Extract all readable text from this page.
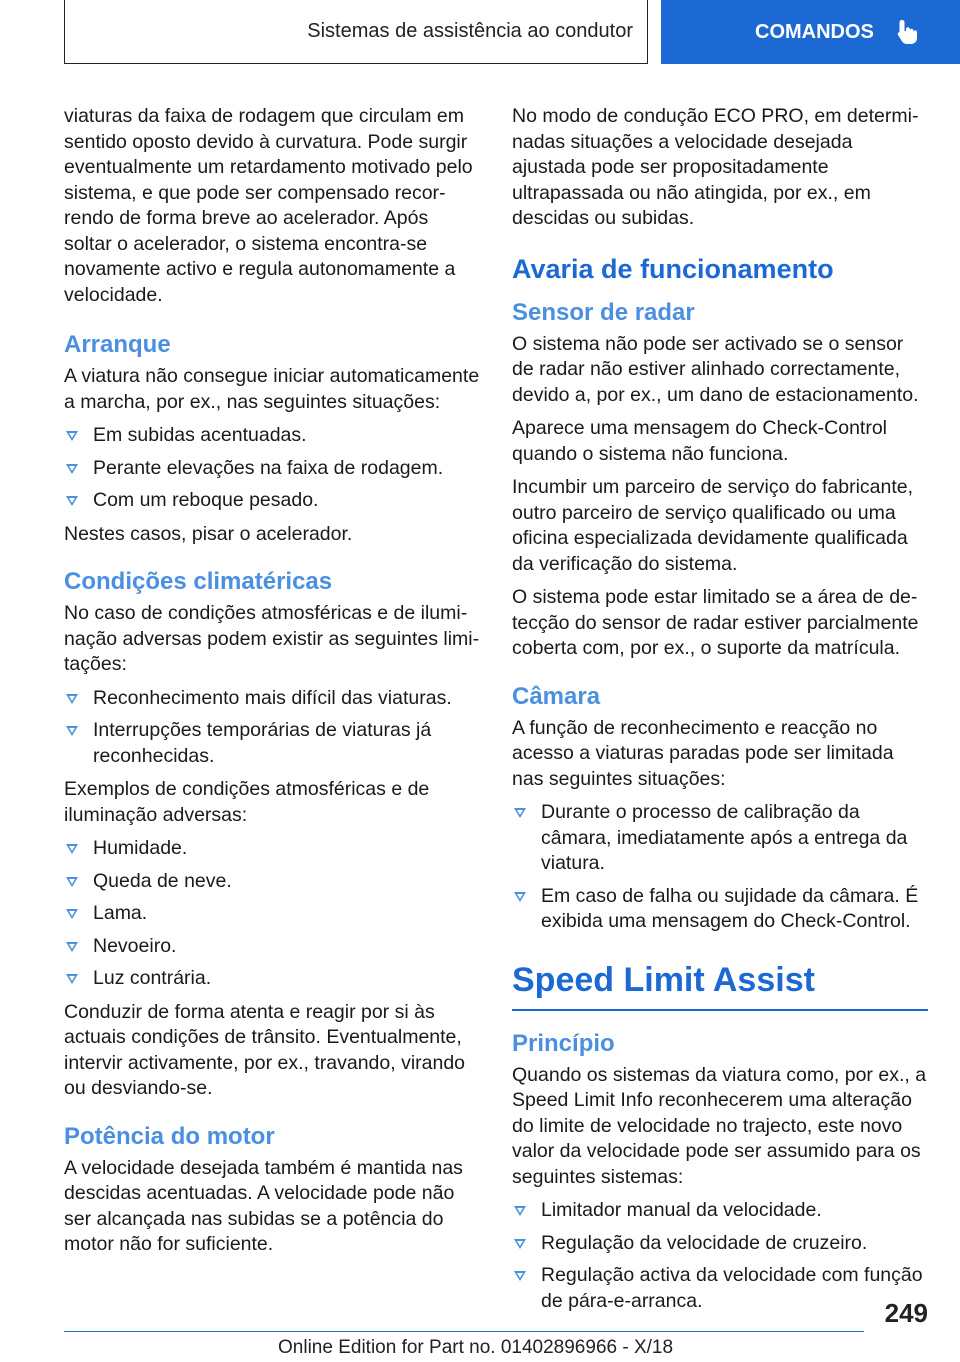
Sistemas de assistência ao condutor	COMANDOS

viaturas da faixa de rodagem que circulam em sentido oposto devido à curvatura. Pode surgir eventualmente um retardamento motivado pelo sistema, e que pode ser compensado recorrendo de forma breve ao acelerador. Após soltar o acelerador, o sistema encontra-se novamente activo e regula autonomamente a velocidade.

Arranque

A viatura não consegue iniciar automaticamente a marcha, por ex., nas seguintes situações:

Em subidas acentuadas.
Perante elevações na faixa de rodagem.
Com um reboque pesado.

Nestes casos, pisar o acelerador.

Condições climatéricas

No caso de condições atmosféricas e de iluminação adversas podem existir as seguintes limitações:

Reconhecimento mais difícil das viaturas.
Interrupções temporárias de viaturas já reconhecidas.

Exemplos de condições atmosféricas e de iluminação adversas:

Humidade.
Queda de neve.
Lama.
Nevoeiro.
Luz contrária.

Conduzir de forma atenta e reagir por si às actuais condições de trânsito. Eventualmente, intervir activamente, por ex., travando, virando ou desviando-se.

Potência do motor

A velocidade desejada também é mantida nas descidas acentuadas. A velocidade pode não ser alcançada nas subidas se a potência do motor não for suficiente.

No modo de condução ECO PRO, em determinadas situações a velocidade desejada ajustada pode ser propositadamente ultrapassada ou não atingida, por ex., em descidas ou subidas.

Avaria de funcionamento
Sensor de radar

O sistema não pode ser activado se o sensor de radar não estiver alinhado correctamente, devido a, por ex., um dano de estacionamento.

Aparece uma mensagem do Check-Control quando o sistema não funciona.

Incumbir um parceiro de serviço do fabricante, outro parceiro de serviço qualificado ou uma oficina especializada devidamente qualificada da verificação do sistema.

O sistema pode estar limitado se a área de detecção do sensor de radar estiver parcialmente coberta com, por ex., o suporte da matrícula.

Câmara

A função de reconhecimento e reacção no acesso a viaturas paradas pode ser limitada nas seguintes situações:

Durante o processo de calibração da câmara, imediatamente após a entrega da viatura.
Em caso de falha ou sujidade da câmara. É exibida uma mensagem do Check-Control.
Speed Limit Assist
Princípio

Quando os sistemas da viatura como, por ex., a Speed Limit Info reconhecerem uma alteração do limite de velocidade no trajecto, este novo valor da velocidade pode ser assumido para os seguintes sistemas:

Limitador manual da velocidade.
Regulação da velocidade de cruzeiro.
Regulação activa da velocidade com função de pára-e-arranca.	249
Online Edition for Part no. 01402896966 - X/18
